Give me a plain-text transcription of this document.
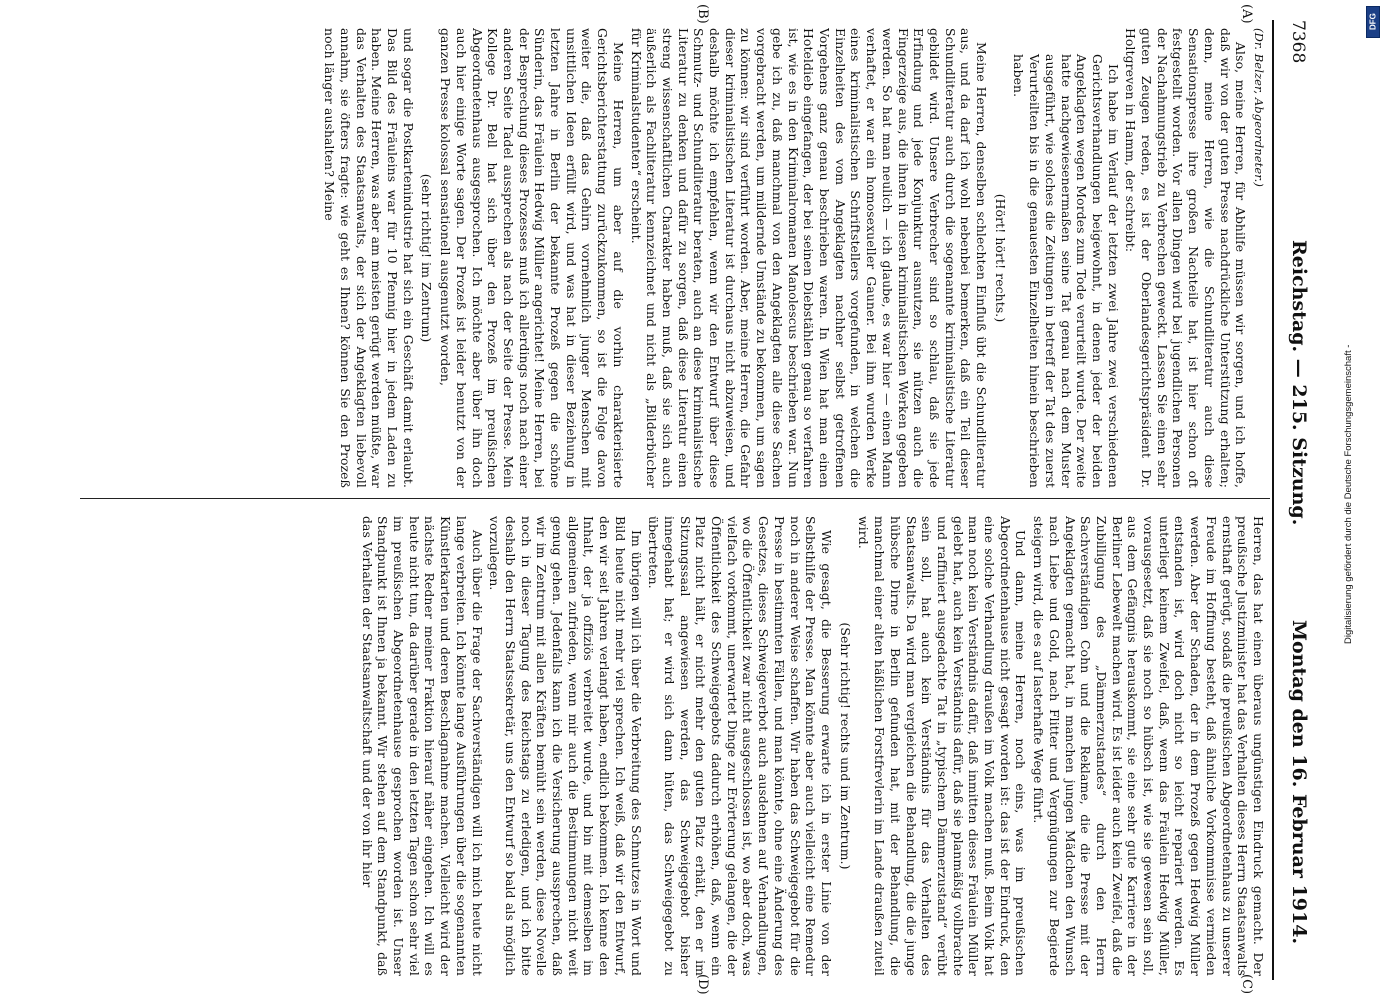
7368
Reichstag. — 215. Sitzung.
Montag den 16. Februar 1914.
(A)
(B)
(C)
(D)

(Dr. Belzer, Abgeordneter.)

Also, meine Herren, für Abhilfe müssen wir sorgen, und ich hoffe, daß wir von der guten Presse nachdrückliche Unterstützung erhalten; denn, meine Herren, wie die Schundliteratur auch diese Sensationspresse ihre großen Nachteile hat, ist hier schon oft festgestellt worden. Vor allen Dingen wird bei jugendlichen Personen der Nachahmungstrieb zu Verbrechen geweckt. Lassen Sie einen sehr guten Zeugen reden, es ist der Oberlandesgerichtspräsident Dr. Holtgreven in Hamm, der schreibt:

Ich habe im Verlauf der letzten zwei Jahre zwei verschiedenen Gerichtsverhandlungen beigewohnt, in denen jeder der beiden Angeklagten wegen Mordes zum Tode verurteilt wurde. Der zweite hatte nachgewiesenermaßen seine Tat genau nach dem Muster ausgeführt, wie solches die Zeitungen in betreff der Tat des zuerst Verurteilten bis in die genauesten Einzelheiten hinein beschrieben haben.

(Hört! hört! rechts.)

Meine Herren, denselben schlechten Einfluß übt die Schundliteratur aus, und da darf ich wohl nebenbei bemerken, daß ein Teil dieser Schundliteratur auch durch die sogenannte kriminalistische Literatur gebildet wird. Unsere Verbrecher sind so schlau, daß sie jede Erfindung und jede Konjunktur ausnutzen, sie nützen auch die Fingerzeige aus, die ihnen in diesen kriminalistischen Werken gegeben werden. So hat man neulich — ich glaube, es war hier — einen Mann verhaftet, er war ein homosexueller Gauner. Bei ihm wurden Werke eines kriminalistischen Schriftstellers vorgefunden, in welchen die Einzelheiten des vom Angeklagten nachher selbst getroffenen Vorgehens ganz genau beschrieben waren. In Wien hat man einen Hoteldieb eingefangen, der bei seinen Diebstählen genau so verfahren ist, wie es in den Kriminalromanen Manolescus beschrieben war. Nun gebe ich zu, daß manchmal von den Angeklagten alle diese Sachen vorgebracht werden, um mildernde Umstände zu bekommen, um sagen zu können: wir sind verführt worden. Aber, meine Herren, die Gefahr dieser kriminalistischen Literatur ist durchaus nicht abzuweisen, und deshalb möchte ich empfehlen, wenn wir den Entwurf über diese Schmutz- und Schundliteratur beraten, auch an diese kriminalistische Literatur zu denken und dafür zu sorgen, daß diese Literatur einen streng wissenschaftlichen Charakter haben muß, daß sie sich auch äußerlich als Fachliteratur kennzeichnet und nicht als „Bilderbücher für Kriminalstudenten“ erscheint.

Meine Herren, um aber auf die vorhin charakterisierte Gerichtsberichterstattung zurückzukommen, so ist die Folge davon weiter die, daß das Gehirn vornehmlich junger Menschen mit unsittlichen Ideen erfüllt wird, und was hat in dieser Beziehung in letzten Jahre in Berlin der bekannte Prozeß gegen die schöne Sünderin, das Fräulein Hedwig Müller angerichtet! Meine Herren, bei der Besprechung dieses Prozesses muß ich allerdings noch nach einer anderen Seite Tadel aussprechen als nach der Seite der Presse. Mein Kollege Dr. Bell hat sich über den Prozeß im preußischen Abgeordnetenhaus ausgesprochen. Ich möchte aber über ihn doch auch hier einige Worte sagen. Der Prozeß ist leider benutzt von der ganzen Presse kolossal sensationell ausgenutzt worden,

(sehr richtig! im Zentrum)

und sogar die Postkartenindustrie hat sich ein Geschäft damit erlaubt. Das Bild des Fräuleins war für 10 Pfennig hier in jedem Laden zu haben. Meine Herren, was aber am meisten gerügt werden müßte, war das Verhalten des Staatsanwalts, der sich der Angeklagten liebevoll annahm, sie öfters fragte: wie geht es Ihnen? können Sie den Prozeß noch länger aushalten? Meine

Herren, das hat einen überaus ungünstigen Eindruck gemacht. Der preußische Justizminister hat das Verhalten dieses Herrn Staatsanwalts ernsthaft gerügt, sodaß die preußischen Abgeordnetenhaus zu unserer Freude im Hoffnung besteht, daß ähnliche Vorkommnisse vermieden werden. Aber der Schaden, der in dem Prozeß gegen Hedwig Müller entstanden ist, wird doch nicht so leicht repariert werden. Es unterliegt keinem Zweifel, daß, wenn das Fräulein Hedwig Müller, vorausgesetzt, daß sie noch so hübsch ist, wie sie gewesen sein soll, aus dem Gefängnis herauskommt, sie eine sehr gute Karriere in der Berliner Lebewelt machen wird. Es ist leider auch kein Zweifel, daß die Zubilligung des „Dämmerzustandes“ durch den Herrn Sachverständigen Cohn und die Reklame, die die Presse mit der Angeklagten gemacht hat, in manchen jungen Mädchen den Wunsch nach Liebe und Gold, nach Flitter und Vergnügungen zur Begierde steigern wird, die es auf lasterhafte Wege führt.

Und dann, meine Herren, noch eins, was im preußischen Abgeordnetenhause nicht gesagt worden ist: das ist der Eindruck, den eine solche Verhandlung draußen im Volk machen muß. Beim Volk hat man noch kein Verständnis dafür, daß inmitten dieses Fräulein Müller gelebt hat, auch kein Verständnis dafür, daß sie planmäßig vollbrachte und raffiniert ausgedachte Tat in „typischem Dämmerzustand“ verübt sein soll, hat auch kein Verständnis für das Verhalten des Staatsanwalts. Da wird man vergleichen die Behandlung, die die junge hübsche Dirne in Berlin gefunden hat, mit der Behandlung, die manchmal einer alten häßlichen Forstfrevlerin im Lande draußen zuteil wird.

(Sehr richtig! rechts und im Zentrum.)

Wie gesagt, die Besserung erwarte ich in erster Linie von der Selbsthilfe der Presse. Man könnte aber auch vielleicht eine Remedur noch in anderer Weise schaffen. Wir haben das Schweigegebot für die Presse in bestimmten Fällen, und man könnte, ohne eine Änderung des Gesetzes, dieses Schweigeverbot auch ausdehnen auf Verhandlungen, wo die Öffentlichkeit zwar nicht ausgeschlossen ist, wo aber doch, was vielfach vorkommt, unerwartet Dinge zur Erörterung gelangen, die der Öffentlichkeit des Schweigegebots dadurch erhöhen, daß, wenn ein Platz nicht hält, er nicht mehr den guten Platz erhält, den er im Sitzungssaal angewiesen werden, das Schweigegebot bisher innegehabt hat; er wird sich dann hüten, das Schweigegebot zu übertreten.

Im übrigen will ich über die Verbreitung des Schmutzes in Wort und Bild heute nicht mehr viel sprechen. Ich weiß, daß wir den Entwurf, den wir seit Jahren verlangt haben, endlich bekommen. Ich kenne den Inhalt, der ja offiziös verbreitet wurde, und bin mit demselben im allgemeinen zufrieden, wenn mir auch die Bestimmungen nicht weit genug gehen. Jedenfalls kann ich die Versicherung aussprechen, daß wir im Zentrum mit allen Kräften bemüht sein werden, diese Novelle noch in dieser Tagung des Reichstags zu erledigen, und ich bitte deshalb den Herrn Staatssekretär, uns den Entwurf so bald als möglich vorzulegen.

Auch über die Frage der Sachverständigen will ich mich heute nicht lange verbreiten. Ich könnte lange Ausführungen über die sogenannten Künstlerkarten und deren Beschlagnahme machen. Vielleicht wird der nächste Redner meiner Fraktion hierauf näher eingehen. Ich will es heute nicht tun, da darüber gerade in den letzten Tagen schon sehr viel im preußischen Abgeordnetenhause gesprochen worden ist. Unser Standpunkt ist Ihnen ja bekannt. Wir stehen auf dem Standpunkt, daß das Verhalten der Staatsanwaltschaft und der von ihr hier

Digitalisierung gefördert durch die Deutsche Forschungsgemeinschaft -
DFG
